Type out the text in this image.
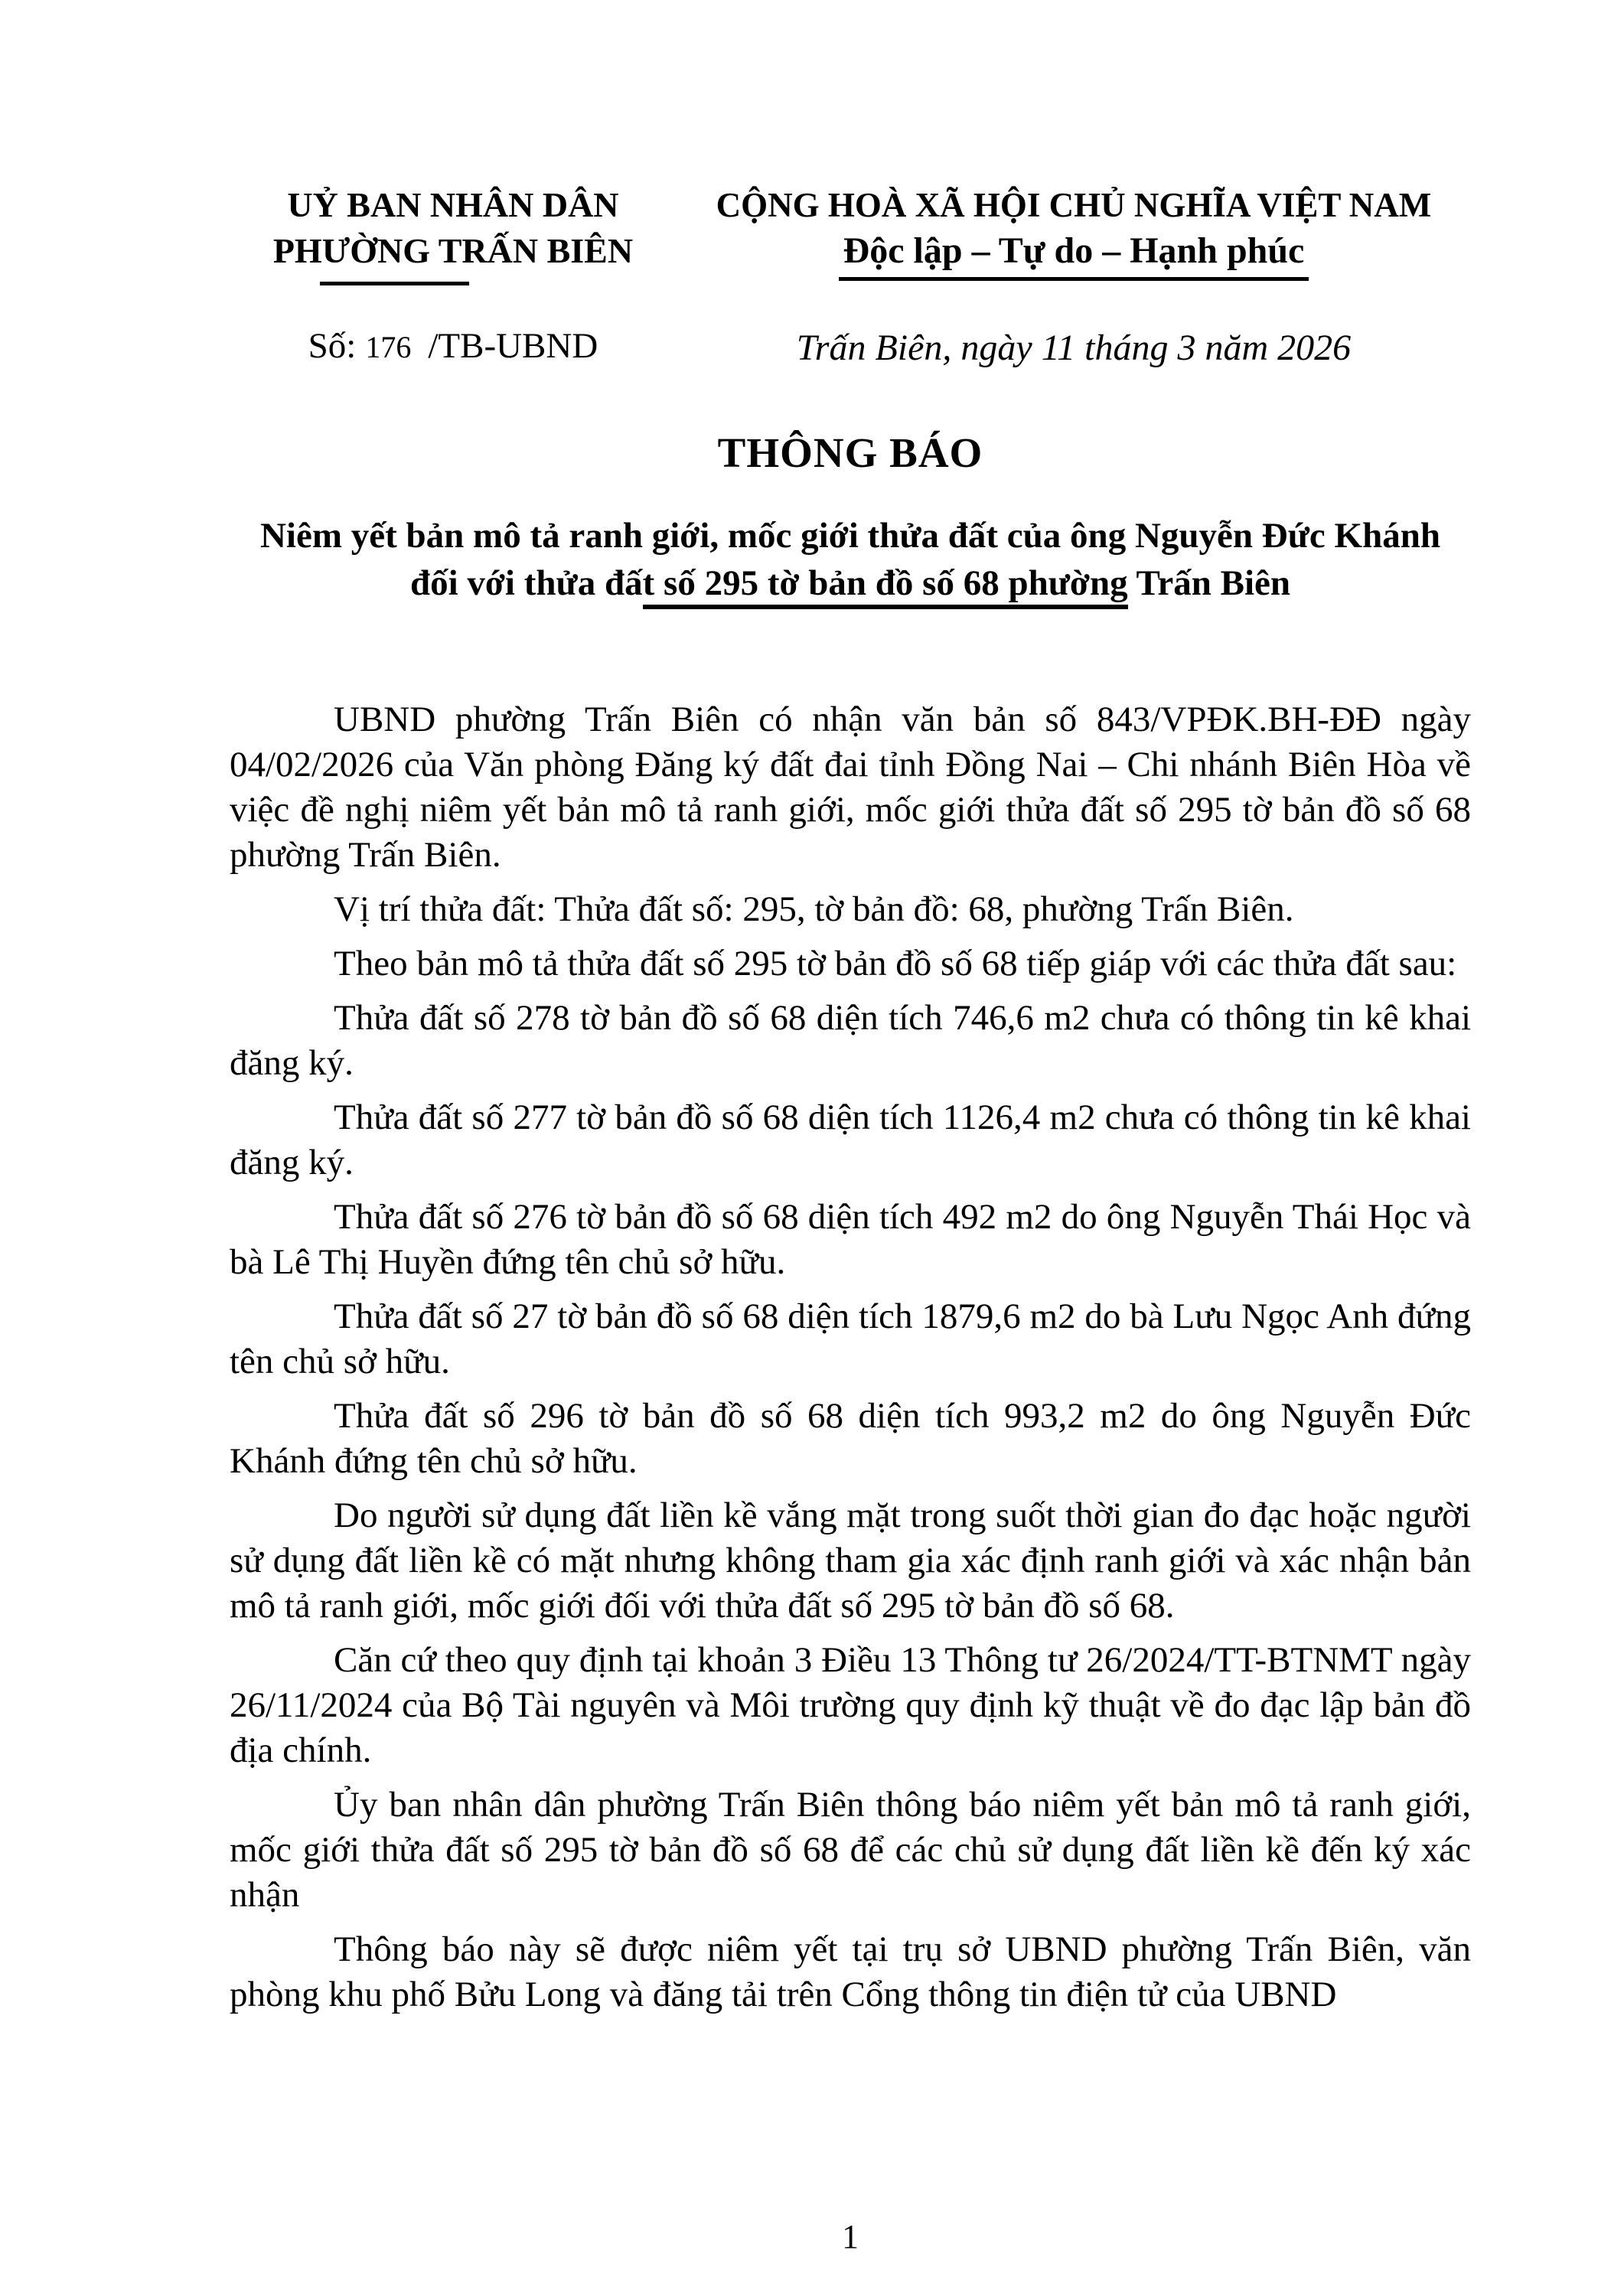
UỶ BAN NHÂN DÂN
PHƯỜNG TRẤN BIÊN
Số: 176 /TB-UBND
CỘNG HOÀ XÃ HỘI CHỦ NGHĨA VIỆT NAM
Độc lập – Tự do – Hạnh phúc
Trấn Biên, ngày 11 tháng 3 năm 2026
THÔNG BÁO
Niêm yết bản mô tả ranh giới, mốc giới thửa đất của ông Nguyễn Đức Khánh
đối với thửa đất số 295 tờ bản đồ số 68 phường Trấn Biên

UBND phường Trấn Biên có nhận văn bản số 843/VPĐK.BH-ĐĐ ngày 04/02/2026 của Văn phòng Đăng ký đất đai tỉnh Đồng Nai – Chi nhánh Biên Hòa về việc đề nghị niêm yết bản mô tả ranh giới, mốc giới thửa đất số 295 tờ bản đồ số 68 phường Trấn Biên.

Vị trí thửa đất: Thửa đất số: 295, tờ bản đồ: 68, phường Trấn Biên.

Theo bản mô tả thửa đất số 295 tờ bản đồ số 68 tiếp giáp với các thửa đất sau:

Thửa đất số 278 tờ bản đồ số 68 diện tích 746,6 m2 chưa có thông tin kê khai đăng ký.

Thửa đất số 277 tờ bản đồ số 68 diện tích 1126,4 m2 chưa có thông tin kê khai đăng ký.

Thửa đất số 276 tờ bản đồ số 68 diện tích 492 m2 do ông Nguyễn Thái Học và bà Lê Thị Huyền đứng tên chủ sở hữu.

Thửa đất số 27 tờ bản đồ số 68 diện tích 1879,6 m2 do bà Lưu Ngọc Anh đứng tên chủ sở hữu.

Thửa đất số 296 tờ bản đồ số 68 diện tích 993,2 m2 do ông Nguyễn Đức Khánh đứng tên chủ sở hữu.

Do người sử dụng đất liền kề vắng mặt trong suốt thời gian đo đạc hoặc người sử dụng đất liền kề có mặt nhưng không tham gia xác định ranh giới và xác nhận bản mô tả ranh giới, mốc giới đối với thửa đất số 295 tờ bản đồ số 68.

Căn cứ theo quy định tại khoản 3 Điều 13 Thông tư 26/2024/TT-BTNMT ngày 26/11/2024 của Bộ Tài nguyên và Môi trường quy định kỹ thuật về đo đạc lập bản đồ địa chính.

Ủy ban nhân dân phường Trấn Biên thông báo niêm yết bản mô tả ranh giới, mốc giới thửa đất số 295 tờ bản đồ số 68 để các chủ sử dụng đất liền kề đến ký xác nhận

Thông báo này sẽ được niêm yết tại trụ sở UBND phường Trấn Biên, văn phòng khu phố Bửu Long và đăng tải trên Cổng thông tin điện tử của UBND

1
